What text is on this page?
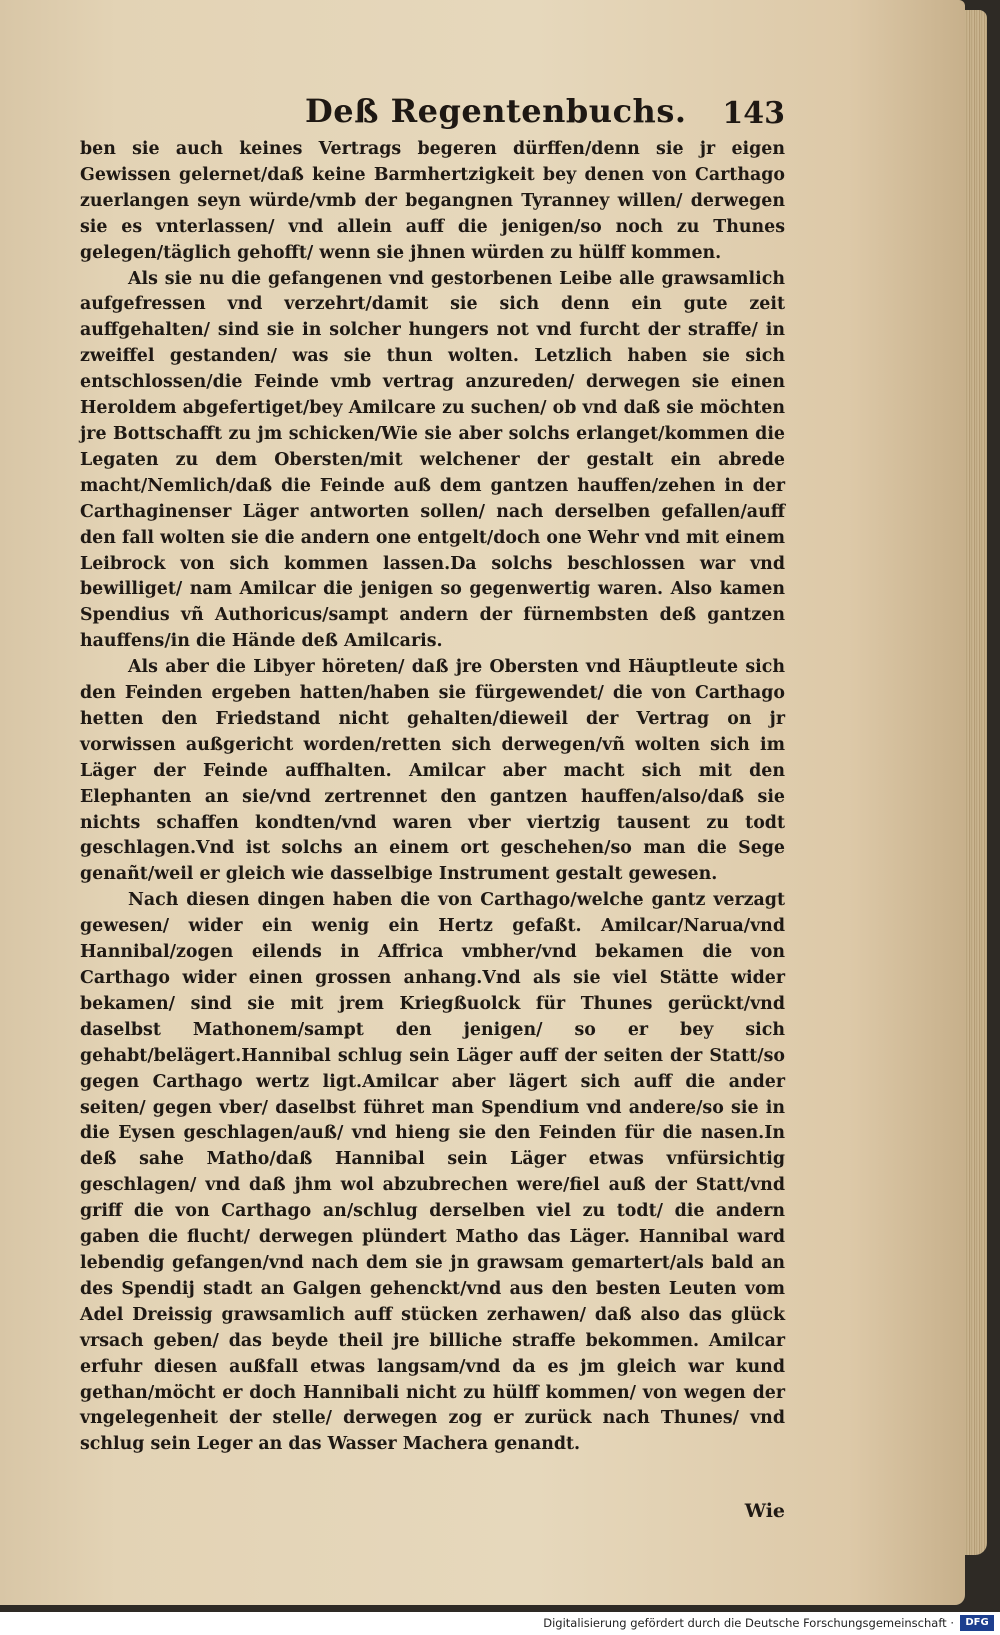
Deß Regentenbuchs. 143

ben sie auch keines Vertrags begeren dürffen/denn sie jr eigen Gewissen gelernet/daß keine Barmhertzigkeit bey denen von Carthago zuerlangen seyn würde/vmb der begangnen Tyranney willen/ derwegen sie es vnterlassen/ vnd allein auff die jenigen/so noch zu Thunes gelegen/täglich gehofft/ wenn sie jhnen würden zu hülff kommen.

Als sie nu die gefangenen vnd gestorbenen Leibe alle grawsamlich aufgefressen vnd verzehrt/damit sie sich denn ein gute zeit auffgehalten/ sind sie in solcher hungers not vnd furcht der straffe/ in zweiffel gestanden/ was sie thun wolten. Letzlich haben sie sich entschlossen/die Feinde vmb vertrag anzureden/ derwegen sie einen Heroldem abgefertiget/bey Amilcare zu suchen/ ob vnd daß sie möchten jre Bottschafft zu jm schicken/Wie sie aber solchs erlanget/kommen die Legaten zu dem Obersten/mit welchener der gestalt ein abrede macht/Nemlich/daß die Feinde auß dem gantzen hauffen/zehen in der Carthaginenser Läger antworten sollen/ nach derselben gefallen/auff den fall wolten sie die andern one entgelt/doch one Wehr vnd mit einem Leibrock von sich kommen lassen.Da solchs beschlossen war vnd bewilliget/ nam Amilcar die jenigen so gegenwertig waren. Also kamen Spendius vñ Authoricus/sampt andern der fürnembsten deß gantzen hauffens/in die Hände deß Amilcaris.

Als aber die Libyer höreten/ daß jre Obersten vnd Häuptleute sich den Feinden ergeben hatten/haben sie fürgewendet/ die von Carthago hetten den Friedstand nicht gehalten/dieweil der Vertrag on jr vorwissen außgericht worden/retten sich derwegen/vñ wolten sich im Läger der Feinde auffhalten. Amilcar aber macht sich mit den Elephanten an sie/vnd zertrennet den gantzen hauffen/also/daß sie nichts schaffen kondten/vnd waren vber viertzig tausent zu todt geschlagen.Vnd ist solchs an einem ort geschehen/so man die Sege genañt/weil er gleich wie dasselbige Instrument gestalt gewesen.

Nach diesen dingen haben die von Carthago/welche gantz verzagt gewesen/ wider ein wenig ein Hertz gefaßt. Amilcar/Narua/vnd Hannibal/zogen eilends in Affrica vmbher/vnd bekamen die von Carthago wider einen grossen anhang.Vnd als sie viel Stätte wider bekamen/ sind sie mit jrem Kriegßuolck für Thunes gerückt/vnd daselbst Mathonem/sampt den jenigen/ so er bey sich gehabt/belägert.Hannibal schlug sein Läger auff der seiten der Statt/so gegen Carthago wertz ligt.Amilcar aber lägert sich auff die ander seiten/ gegen vber/ daselbst führet man Spendium vnd andere/so sie in die Eysen geschlagen/auß/ vnd hieng sie den Feinden für die nasen.In deß sahe Matho/daß Hannibal sein Läger etwas vnfürsichtig geschlagen/ vnd daß jhm wol abzubrechen were/fiel auß der Statt/vnd griff die von Carthago an/schlug derselben viel zu todt/ die andern gaben die flucht/ derwegen plündert Matho das Läger. Hannibal ward lebendig gefangen/vnd nach dem sie jn grawsam gemartert/als bald an des Spendij stadt an Galgen gehenckt/vnd aus den besten Leuten vom Adel Dreissig grawsamlich auff stücken zerhawen/ daß also das glück vrsach geben/ das beyde theil jre billiche straffe bekommen. Amilcar erfuhr diesen außfall etwas langsam/vnd da es jm gleich war kund gethan/möcht er doch Hannibali nicht zu hülff kommen/ von wegen der vngelegenheit der stelle/ derwegen zog er zurück nach Thunes/ vnd schlug sein Leger an das Wasser Machera genandt.

Wie
Digitalisierung gefördert durch die Deutsche Forschungsgemeinschaft ·	DFG
